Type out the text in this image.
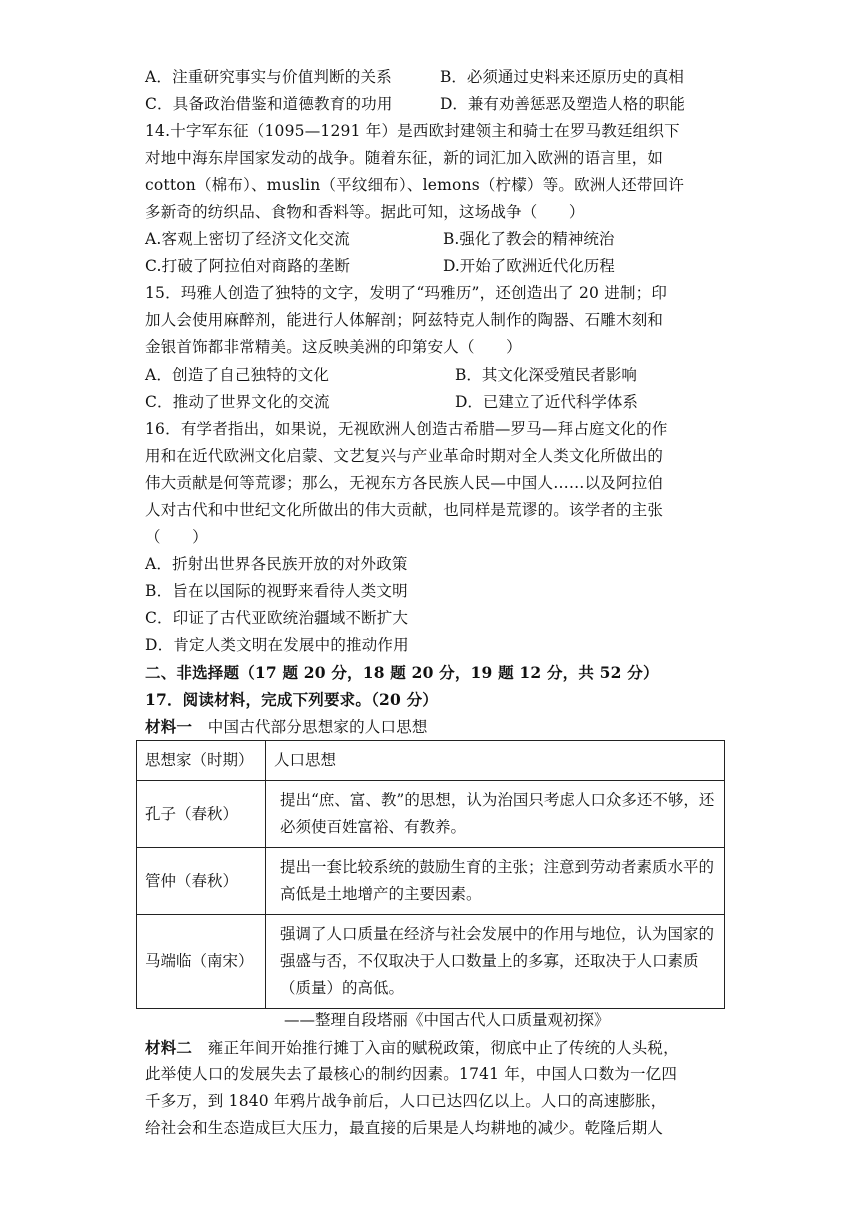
A．注重研究事实与价值判断的关系	B．必须通过史料来还原历史的真相
C．具备政治借鉴和道德教育的功用	D．兼有劝善惩恶及塑造人格的职能
14.十字军东征（1095—1291 年）是西欧封建领主和骑士在罗马教廷组织下
对地中海东岸国家发动的战争。随着东征，新的词汇加入欧洲的语言里，如
cotton（棉布）、muslin（平纹细布）、lemons（柠檬）等。欧洲人还带回许
多新奇的纺织品、食物和香料等。据此可知，这场战争（　　）
A.客观上密切了经济文化交流	B.强化了教会的精神统治
C.打破了阿拉伯对商路的垄断	D.开始了欧洲近代化历程
15．玛雅人创造了独特的文字，发明了“玛雅历”，还创造出了 20 进制；印
加人会使用麻醉剂，能进行人体解剖；阿兹特克人制作的陶器、石雕木刻和
金银首饰都非常精美。这反映美洲的印第安人（　　）
A．创造了自己独特的文化	B．其文化深受殖民者影响
C．推动了世界文化的交流	D．已建立了近代科学体系
16．有学者指出，如果说，无视欧洲人创造古希腊—罗马—拜占庭文化的作
用和在近代欧洲文化启蒙、文艺复兴与产业革命时期对全人类文化所做出的
伟大贡献是何等荒谬；那么，无视东方各民族人民—中国人……以及阿拉伯
人对古代和中世纪文化所做出的伟大贡献，也同样是荒谬的。该学者的主张
（　　）
A．折射出世界各民族开放的对外政策
B．旨在以国际的视野来看待人类文明
C．印证了古代亚欧统治疆域不断扩大
D．肯定人类文明在发展中的推动作用
二、非选择题（17 题 20 分，18 题 20 分，19 题 12 分，共 52 分）
17．阅读材料，完成下列要求。（20 分）
材料一　中国古代部分思想家的人口思想
思想家（时期）	人口思想
孔子（春秋）	提出“庶、富、教”的思想，认为治国只考虑人口众多还不够，还必须使百姓富裕、有教养。
管仲（春秋）	提出一套比较系统的鼓励生育的主张；注意到劳动者素质水平的高低是土地增产的主要因素。
马端临（南宋）	强调了人口质量在经济与社会发展中的作用与地位，认为国家的强盛与否，不仅取决于人口数量上的多寡，还取决于人口素质（质量）的高低。
——整理自段塔丽《中国古代人口质量观初探》
材料二　雍正年间开始推行摊丁入亩的赋税政策，彻底中止了传统的人头税，
此举使人口的发展失去了最核心的制约因素。1741 年，中国人口数为一亿四
千多万，到 1840 年鸦片战争前后，人口已达四亿以上。人口的高速膨胀，
给社会和生态造成巨大压力，最直接的后果是人均耕地的减少。乾隆后期人
